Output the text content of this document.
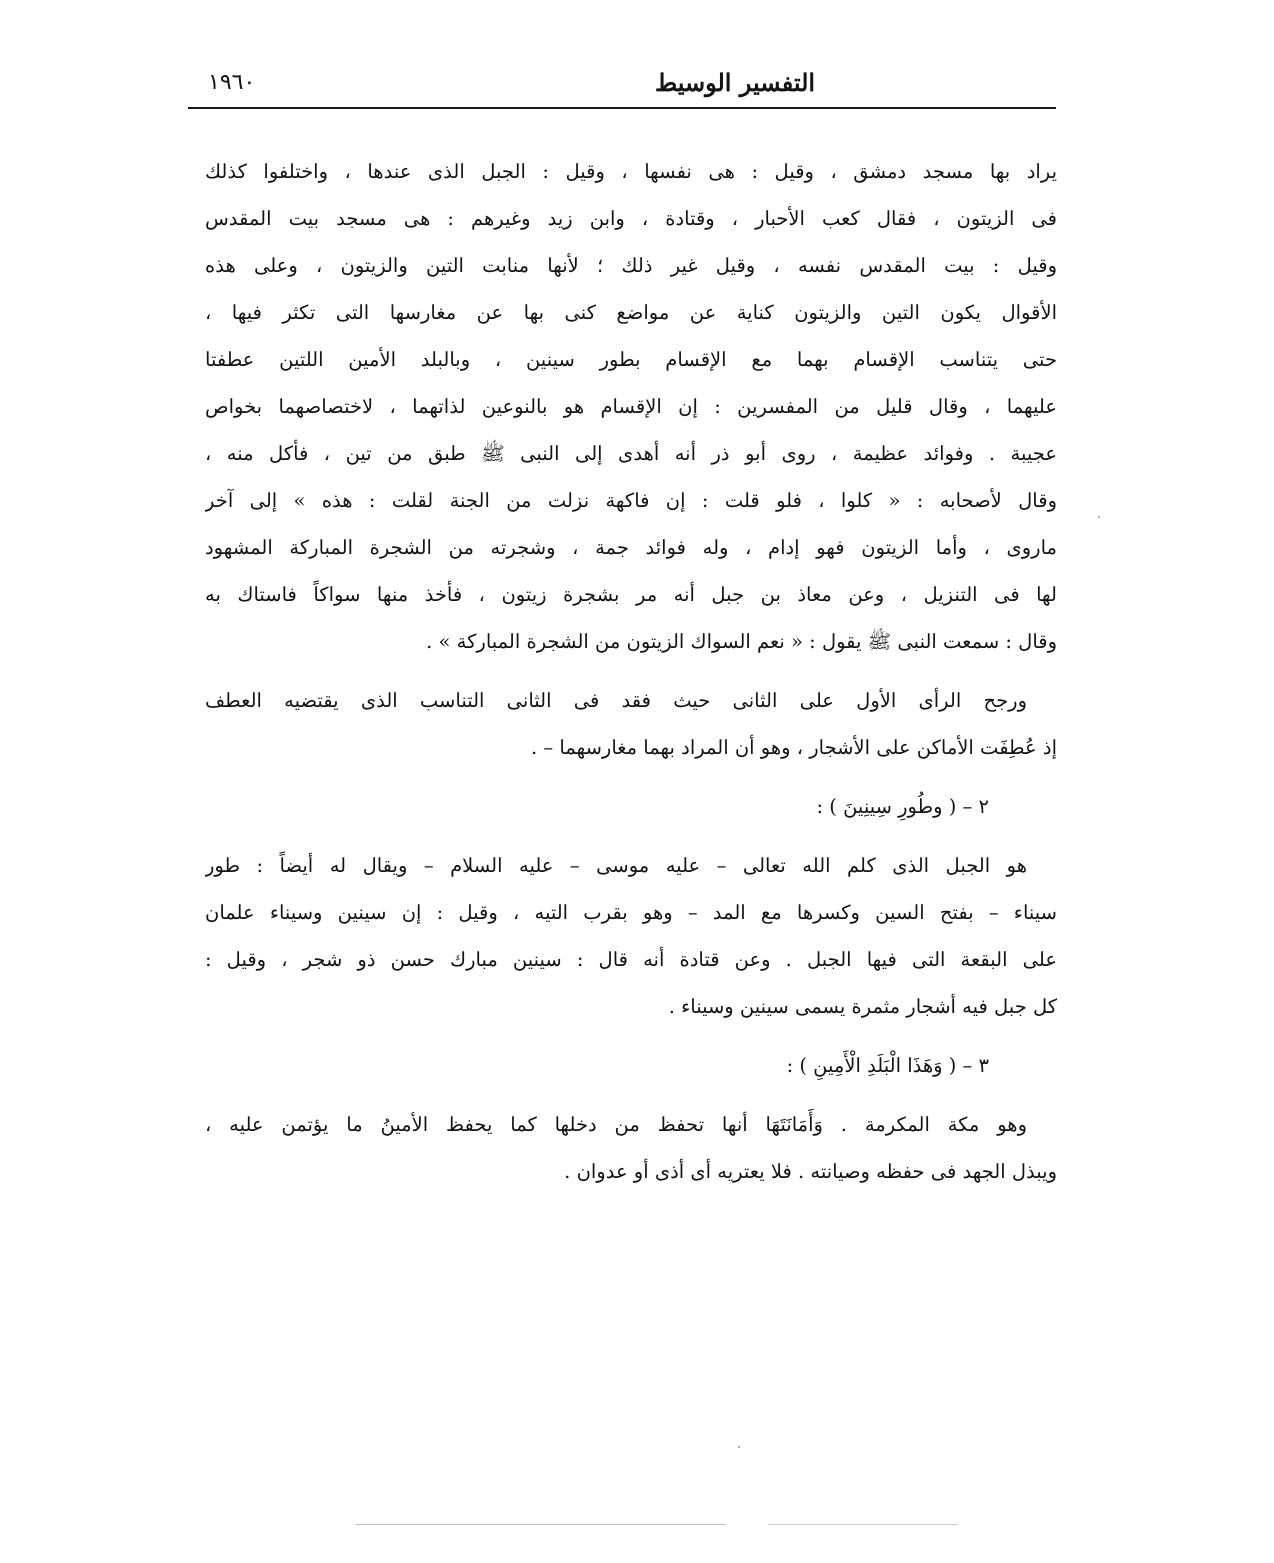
١٩٦٠	التفسير الوسيط
يراد بها مسجد دمشق ، وقيل : هى نفسها ، وقيل : الجبل الذى عندها ، واختلفوا كذلك
فى الزيتون ، فقال كعب الأحبار ، وقتادة ، وابن زيد وغيرهم : هى مسجد بيت المقدس
وقيل : بيت المقدس نفسه ، وقيل غير ذلك ؛ لأنها منابت التين والزيتون ، وعلى هذه
الأقوال يكون التين والزيتون كناية عن مواضع كنى بها عن مغارسها التى تكثر فيها ،
حتى يتناسب الإقسام بهما مع الإقسام بطور سينين ، وبالبلد الأمين اللتين عطفتا
عليهما ، وقال قليل من المفسرين : إن الإقسام هو بالنوعين لذاتهما ، لاختصاصهما بخواص
عجيبة . وفوائد عظيمة ، روى أبو ذر أنه أهدى إلى النبى ﷺ طبق من تين ، فأكل منه ،
وقال لأصحابه : « كلوا ، فلو قلت : إن فاكهة نزلت من الجنة لقلت : هذه » إلى آخر
ماروى ، وأما الزيتون فهو إدام ، وله فوائد جمة ، وشجرته من الشجرة المباركة المشهود
لها فى التنزيل ، وعن معاذ بن جبل أنه مر بشجرة زيتون ، فأخذ منها سواكاً فاستاك به
وقال : سمعت النبى ﷺ يقول : « نعم السواك الزيتون من الشجرة المباركة » .
ورجح الرأى الأول على الثانى حيث فقد فى الثانى التناسب الذى يقتضيه العطف
إذ عُطِفَت الأماكن على الأشجار ، وهو أن المراد بهما مغارسهما – .
٢ – ( وطُورِ سِينِينَ ) :
هو الجبل الذى كلم الله تعالى – عليه موسى – عليه السلام – ويقال له أيضاً : طور
سيناء – بفتح السين وكسرها مع المد – وهو بقرب التيه ، وقيل : إن سينين وسيناء علمان
على البقعة التى فيها الجبل . وعن قتادة أنه قال : سينين مبارك حسن ذو شجر ، وقيل :
كل جبل فيه أشجار مثمرة يسمى سينين وسيناء .
٣ – ( وَهَذَا الْبَلَدِ الْأَمِينِ ) :
وهو مكة المكرمة . وَأَمَانَتَهَا أنها تحفظ من دخلها كما يحفظ الأمينُ ما يؤتمن عليه ،
ويبذل الجهد فى حفظه وصيانته . فلا يعتريه أى أذى أو عدوان .
